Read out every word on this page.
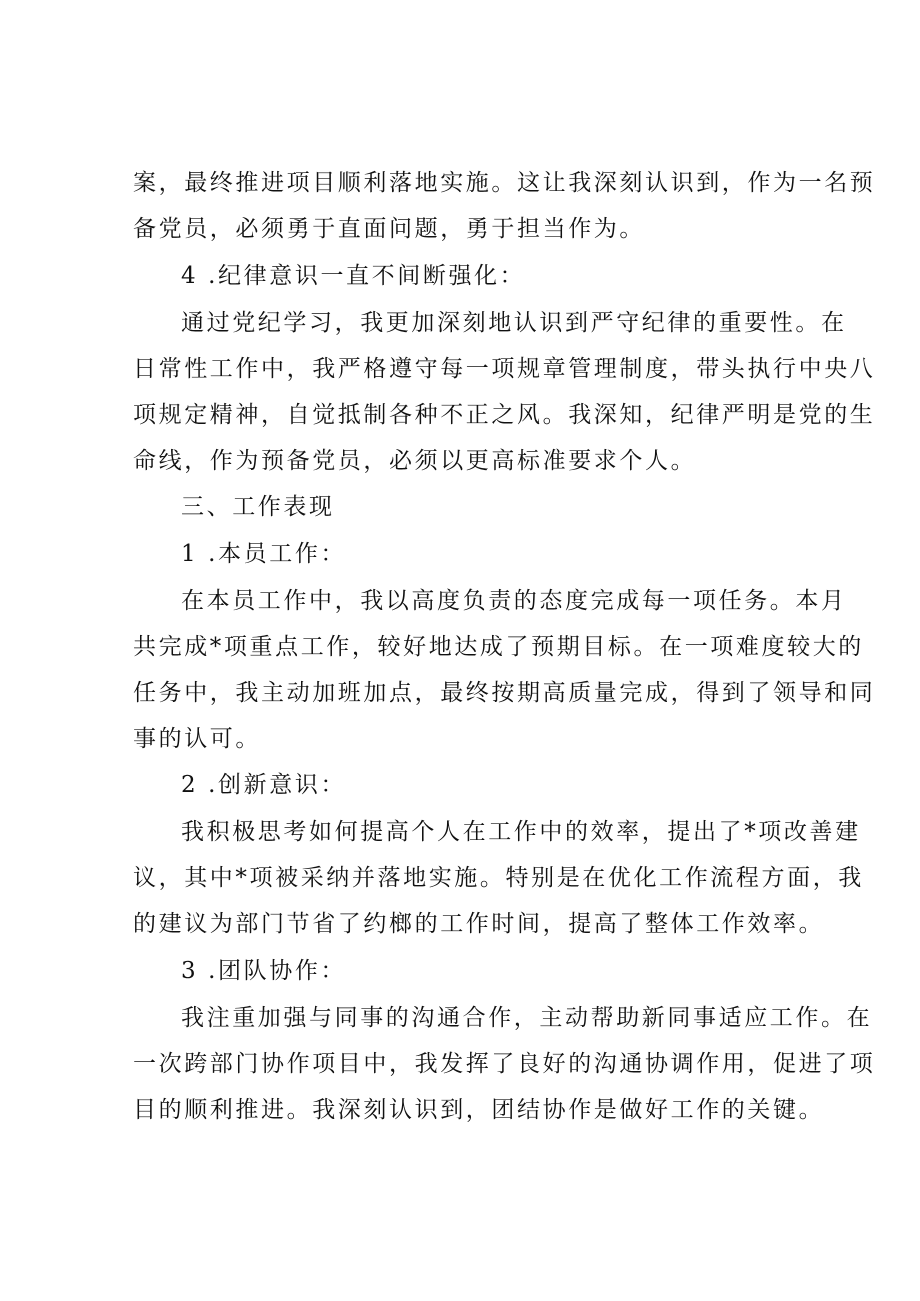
案，最终推进项目顺利落地实施。这让我深刻认识到，作为一名预
备党员，必须勇于直面问题，勇于担当作为。
4 .纪律意识一直不间断强化：
通过党纪学习，我更加深刻地认识到严守纪律的重要性。在
日常性工作中，我严格遵守每一项规章管理制度，带头执行中央八
项规定精神，自觉抵制各种不正之风。我深知，纪律严明是党的生
命线，作为预备党员，必须以更高标准要求个人。
三、工作表现
1 .本员工作：
在本员工作中，我以高度负责的态度完成每一项任务。本月
共完成*项重点工作，较好地达成了预期目标。在一项难度较大的
任务中，我主动加班加点，最终按期高质量完成，得到了领导和同
事的认可。
2 .创新意识：
我积极思考如何提高个人在工作中的效率，提出了*项改善建
议，其中*项被采纳并落地实施。特别是在优化工作流程方面，我
的建议为部门节省了约榔的工作时间，提高了整体工作效率。
3 .团队协作：
我注重加强与同事的沟通合作，主动帮助新同事适应工作。在
一次跨部门协作项目中，我发挥了良好的沟通协调作用，促进了项
目的顺利推进。我深刻认识到，团结协作是做好工作的关键。
